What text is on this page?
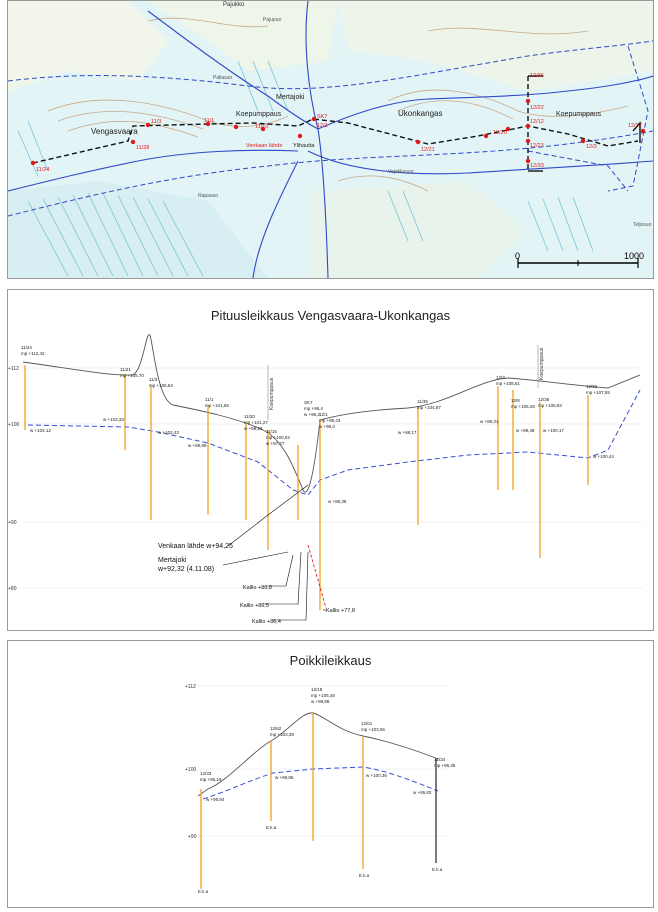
11/24
11/28
11/3	11/1
11/10
SK7
12/1
12/21
12/20
12/36
12/22
12/12
12/23
12/33
12/3
12/32
Vengasvaara
Ukonkangas
Mertajoki
Koepumppaus	Koepumppaus
Venkaan lähde Ylihautta
Vajakkasuo
Rapasuo
Pallasuo
Pajupuo
Teljosuo
Pajukko
0	1000
Pituusleikkaus Vengasvaara-Ukonkangas
+112
+100
+90
+80
Koepumppaus
Koepumppaus
11/24
mp +112,42
11/21
mp +105,70
11/3
mp +106,54
11/1
mp +101,65
11/20
mp +101,27
11/15
mp +100,62
SK7
mp +99,4
12/1
mp +99,43
11/35
mp +104,87
12/3
mp +108,61
12/8
mp +105,26
12/36
mp +105,53
12/32
mp +107,55
w +104,12
w +103,33
w +102,43
w +99,89
w +98,23
w +97,27
w +96,2
w +96,0
w +98,17
w +99,31
w +99,48 w +100,17
w +100,44
w +95,38
Venkaan lähde w+94,25
Mertajoki
w+92,32 (4.11.08)
Kallio +86,8
Kallio +86,5
Kallio +86,4
Kallio +77,8
Poikkileikkaus
+112
+100
+90
12/33
mp +96,19
w +95,84
E.k.a
12/62
mp +103,39
w +99,85
E.k.a
12/18
mp +105,48
w +99,88
12/01
mp +103,56
w +100,36
E.k.a
12/34
mp +96,35
w +95,83
E.k.a
